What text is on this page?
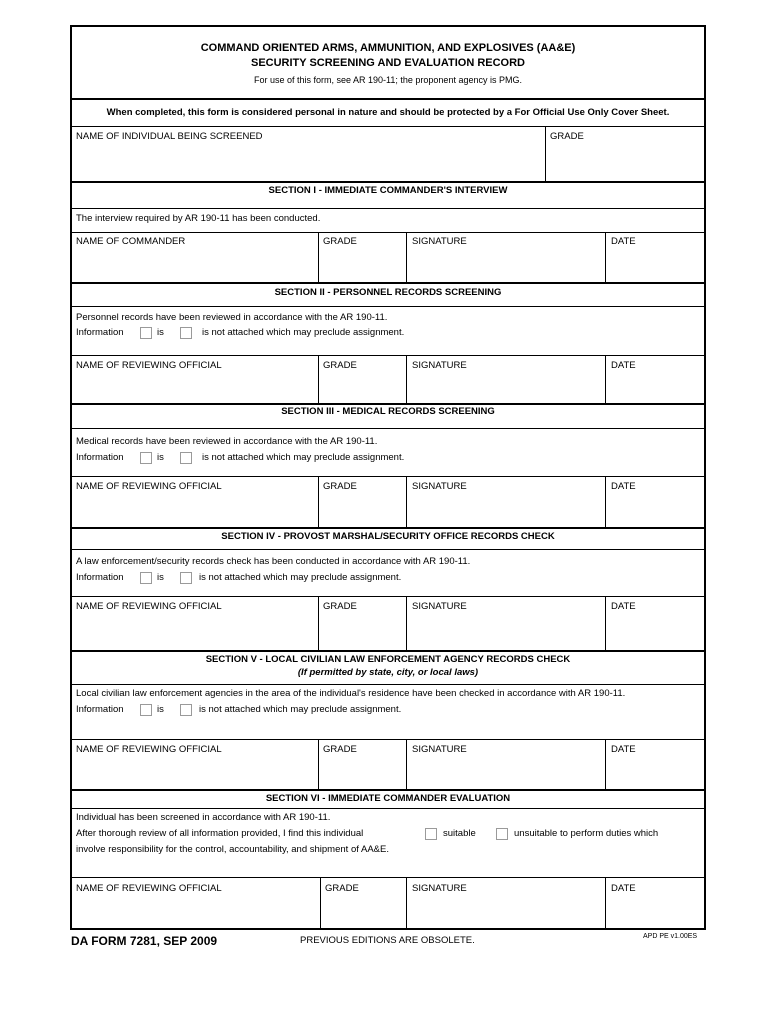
COMMAND ORIENTED ARMS, AMMUNITION, AND EXPLOSIVES (AA&E)
SECURITY SCREENING AND EVALUATION RECORD
For use of this form, see AR 190-11; the proponent agency is PMG.
When completed, this form is considered personal in nature and should be protected by a For Official Use Only Cover Sheet.
NAME OF INDIVIDUAL BEING SCREENED	GRADE
SECTION I - IMMEDIATE COMMANDER'S INTERVIEW
The interview required by AR 190-11 has been conducted.
NAME OF COMMANDER	GRADE	SIGNATURE	DATE
SECTION II - PERSONNEL RECORDS SCREENING
Personnel records have been reviewed in accordance with the AR 190-11.
Information	is	is not attached which may preclude assignment.
NAME OF REVIEWING OFFICIAL	GRADE	SIGNATURE	DATE
SECTION III - MEDICAL RECORDS SCREENING
Medical records have been reviewed in accordance with the AR 190-11.
Information	is	is not attached which may preclude assignment.
NAME OF REVIEWING OFFICIAL	GRADE	SIGNATURE	DATE
SECTION IV - PROVOST MARSHAL/SECURITY OFFICE RECORDS CHECK
A law enforcement/security records check has been conducted in accordance with AR 190-11.
Information	is	is not attached which may preclude assignment.
NAME OF REVIEWING OFFICIAL	GRADE	SIGNATURE	DATE
SECTION V - LOCAL CIVILIAN LAW ENFORCEMENT AGENCY RECORDS CHECK
(If permitted by state, city, or local laws)
Local civilian law enforcement agencies in the area of the individual's residence have been checked in accordance with AR 190-11.
Information	is	is not attached which may preclude assignment.
NAME OF REVIEWING OFFICIAL	GRADE	SIGNATURE	DATE
SECTION VI - IMMEDIATE COMMANDER EVALUATION
Individual has been screened in accordance with AR 190-11.
After thorough review of all information provided, I find this individual	suitable	unsuitable to perform duties which
involve responsibility for the control, accountability, and shipment of AA&E.
NAME OF REVIEWING OFFICIAL	GRADE	SIGNATURE	DATE
DA FORM 7281, SEP 2009	PREVIOUS EDITIONS ARE OBSOLETE.	APD PE v1.00ES
